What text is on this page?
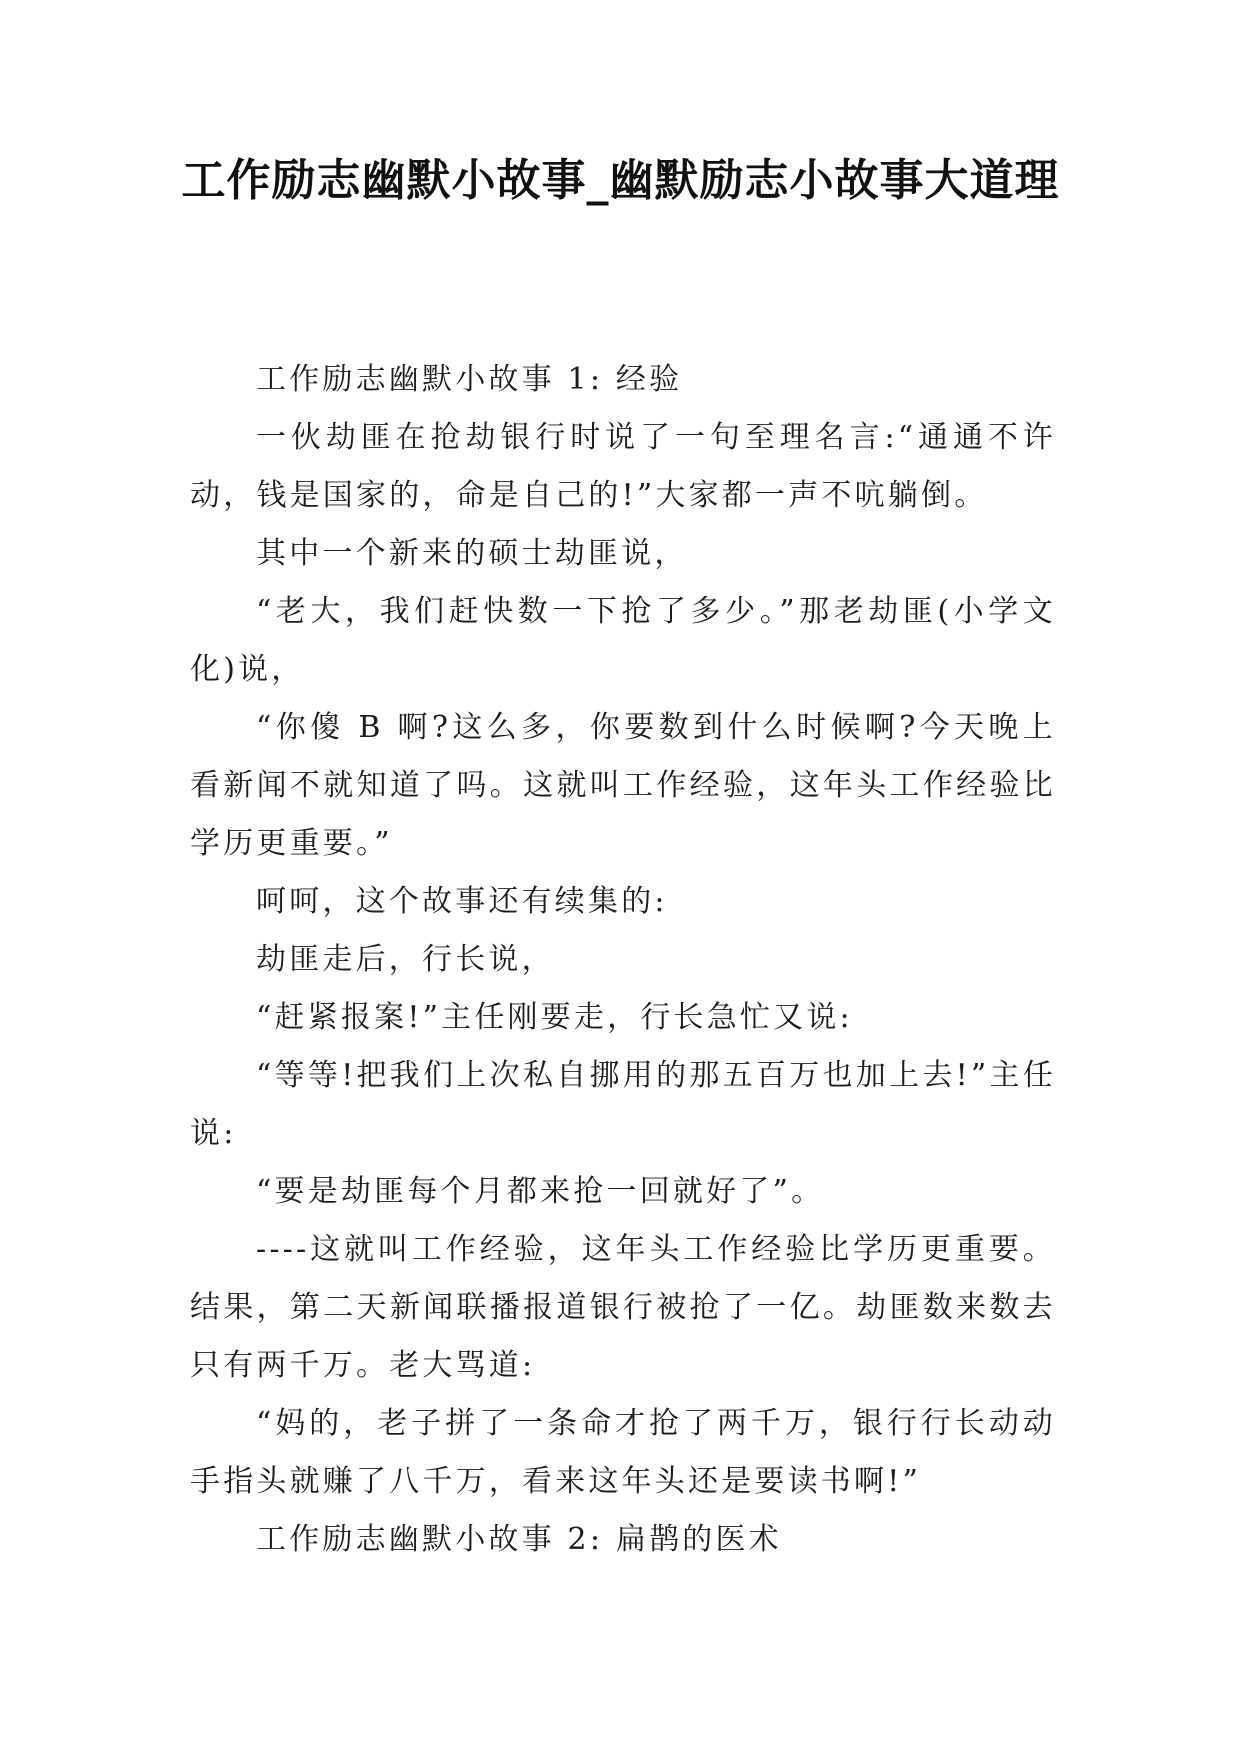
工作励志幽默小故事_幽默励志小故事大道理

工作励志幽默小故事 1: 经验

一伙劫匪在抢劫银行时说了一句至理名言:“通通不许动，钱是国家的，命是自己的!”大家都一声不吭躺倒。

其中一个新来的硕士劫匪说，

“老大，我们赶快数一下抢了多少。”那老劫匪(小学文化)说，

“你傻 B 啊?这么多，你要数到什么时候啊?今天晚上看新闻不就知道了吗。这就叫工作经验，这年头工作经验比学历更重要。”

呵呵，这个故事还有续集的:

劫匪走后，行长说，

“赶紧报案!”主任刚要走，行长急忙又说:

“等等!把我们上次私自挪用的那五百万也加上去!”主任说:

“要是劫匪每个月都来抢一回就好了”。

----这就叫工作经验，这年头工作经验比学历更重要。结果，第二天新闻联播报道银行被抢了一亿。劫匪数来数去只有两千万。老大骂道:

“妈的，老子拼了一条命才抢了两千万，银行行长动动手指头就赚了八千万，看来这年头还是要读书啊!”

工作励志幽默小故事 2: 扁鹊的医术
